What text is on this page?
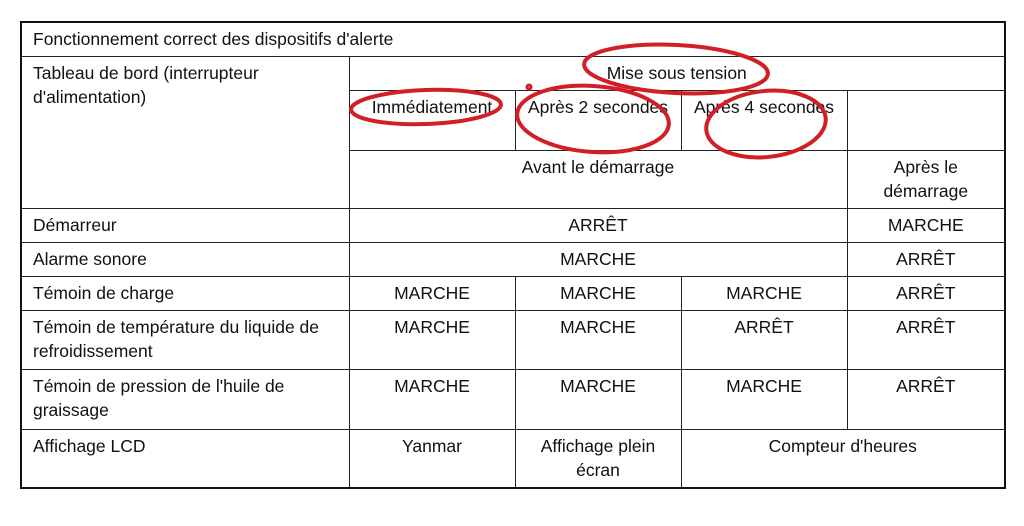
Fonctionnement correct des dispositifs d'alerte				
Tableau de bord (interrupteur d'alimentation)	Mise sous tension			
	Immédiatement	Après 2 secondes	Après 4 secondes	
	Avant le démarrage			Après le démarrage
Démarreur	ARRÊT			MARCHE
Alarme sonore	MARCHE			ARRÊT
Témoin de charge	MARCHE	MARCHE	MARCHE	ARRÊT
Témoin de température du liquide de refroidissement	MARCHE	MARCHE	ARRÊT	ARRÊT
Témoin de pression de l'huile de graissage	MARCHE	MARCHE	MARCHE	ARRÊT
Affichage LCD	Yanmar	Affichage plein écran	Compteur d'heures	
